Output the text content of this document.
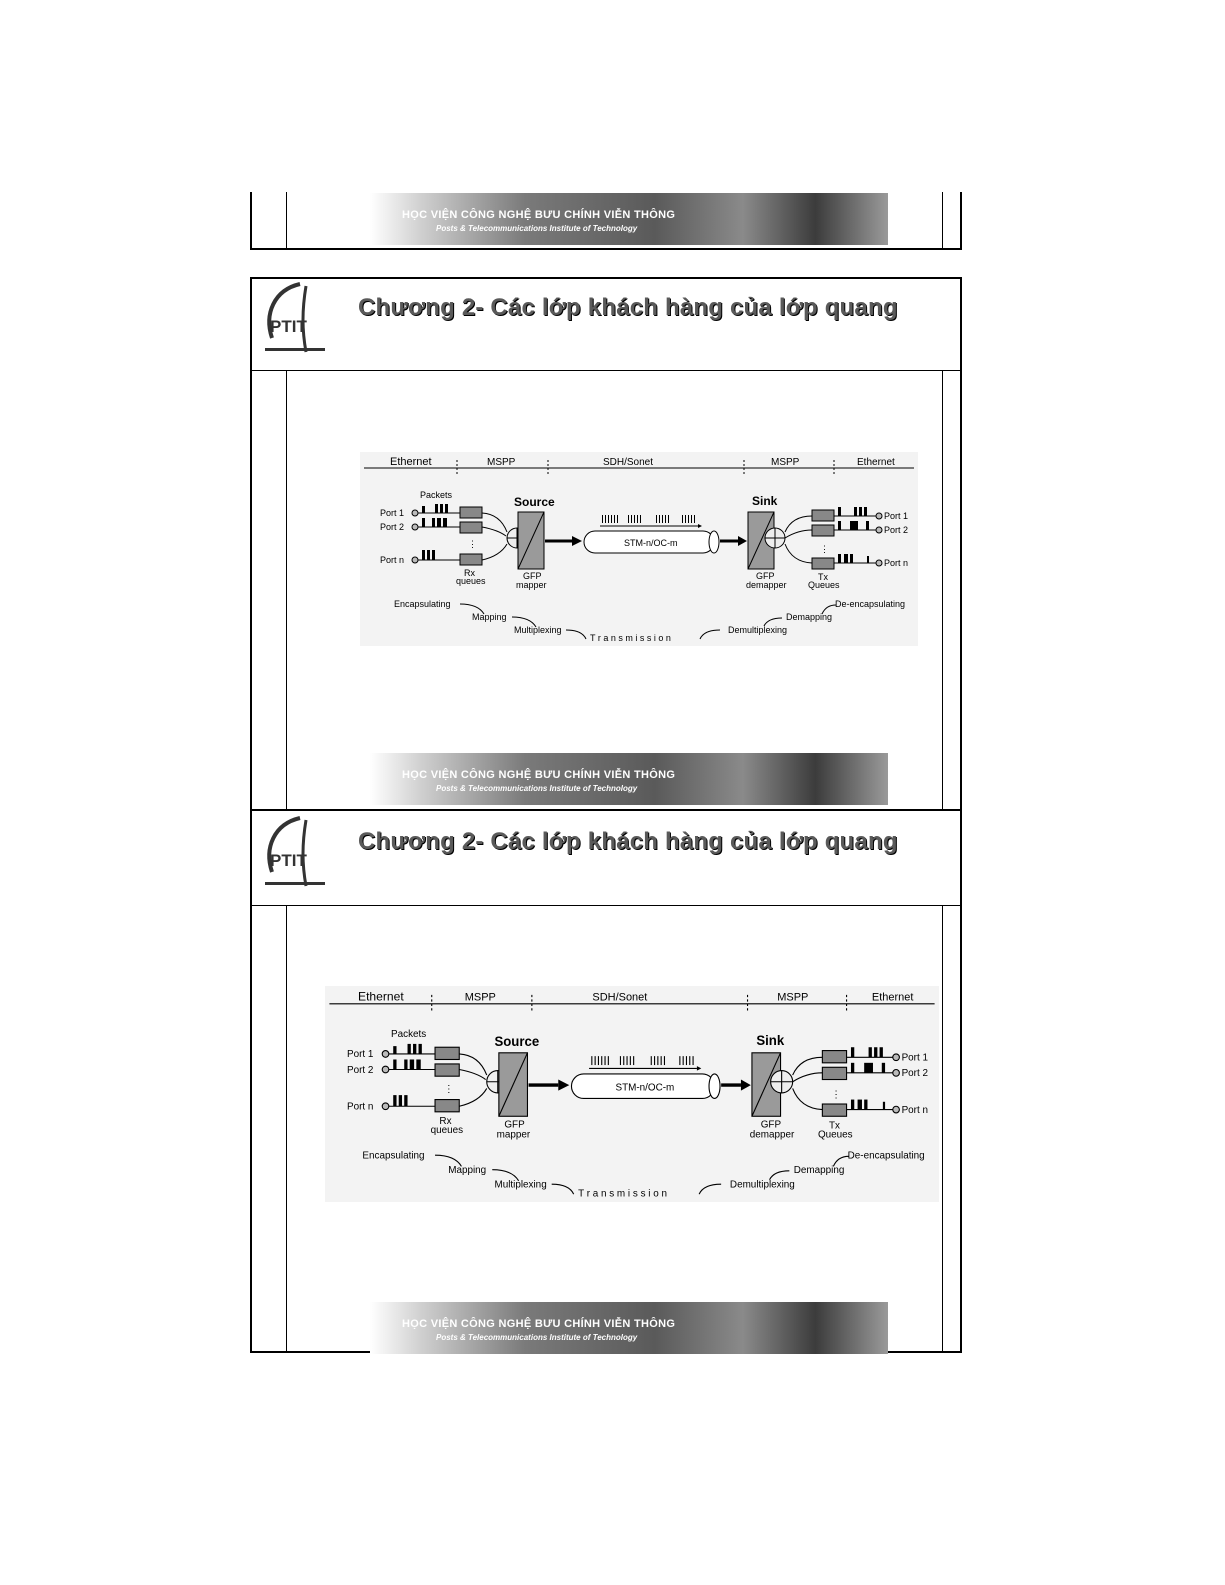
HỌC VIỆN CÔNG NGHỆ BƯU CHÍNH VIỄN THÔNG
Posts & Telecommunications Institute of Technology
PTIT
Chương 2- Các lớp khách hàng của lớp quang
HỌC VIỆN CÔNG NGHỆ BƯU CHÍNH VIỄN THÔNG
Posts & Telecommunications Institute of Technology
PTIT
Chương 2- Các lớp khách hàng của lớp quang
HỌC VIỆN CÔNG NGHỆ BƯU CHÍNH VIỄN THÔNG
Posts & Telecommunications Institute of Technology
Ethernet	MSPP	SDH/Sonet	MSPP	Ethernet
Packets
Port 1
Port 2
Port n
⋮
Rx
queues
Source
GFP
mapper
STM-n/OC-m
Sink
GFP
demapper
⋮
Tx
Queues
Port 1
Port 2
Port n
Encapsulating
Mapping
Multiplexing
T r a n s m i s s i o n
Demultiplexing
Demapping
De-encapsulating
Ethernet	MSPP	SDH/Sonet	MSPP	Ethernet
Packets
Port 1
Port 2
Port n
⋮
Rx
queues
Source
GFP
mapper
STM-n/OC-m
Sink
GFP
demapper
⋮
Tx
Queues
Port 1
Port 2
Port n
Encapsulating
Mapping
Multiplexing
T r a n s m i s s i o n
Demultiplexing
Demapping
De-encapsulating
